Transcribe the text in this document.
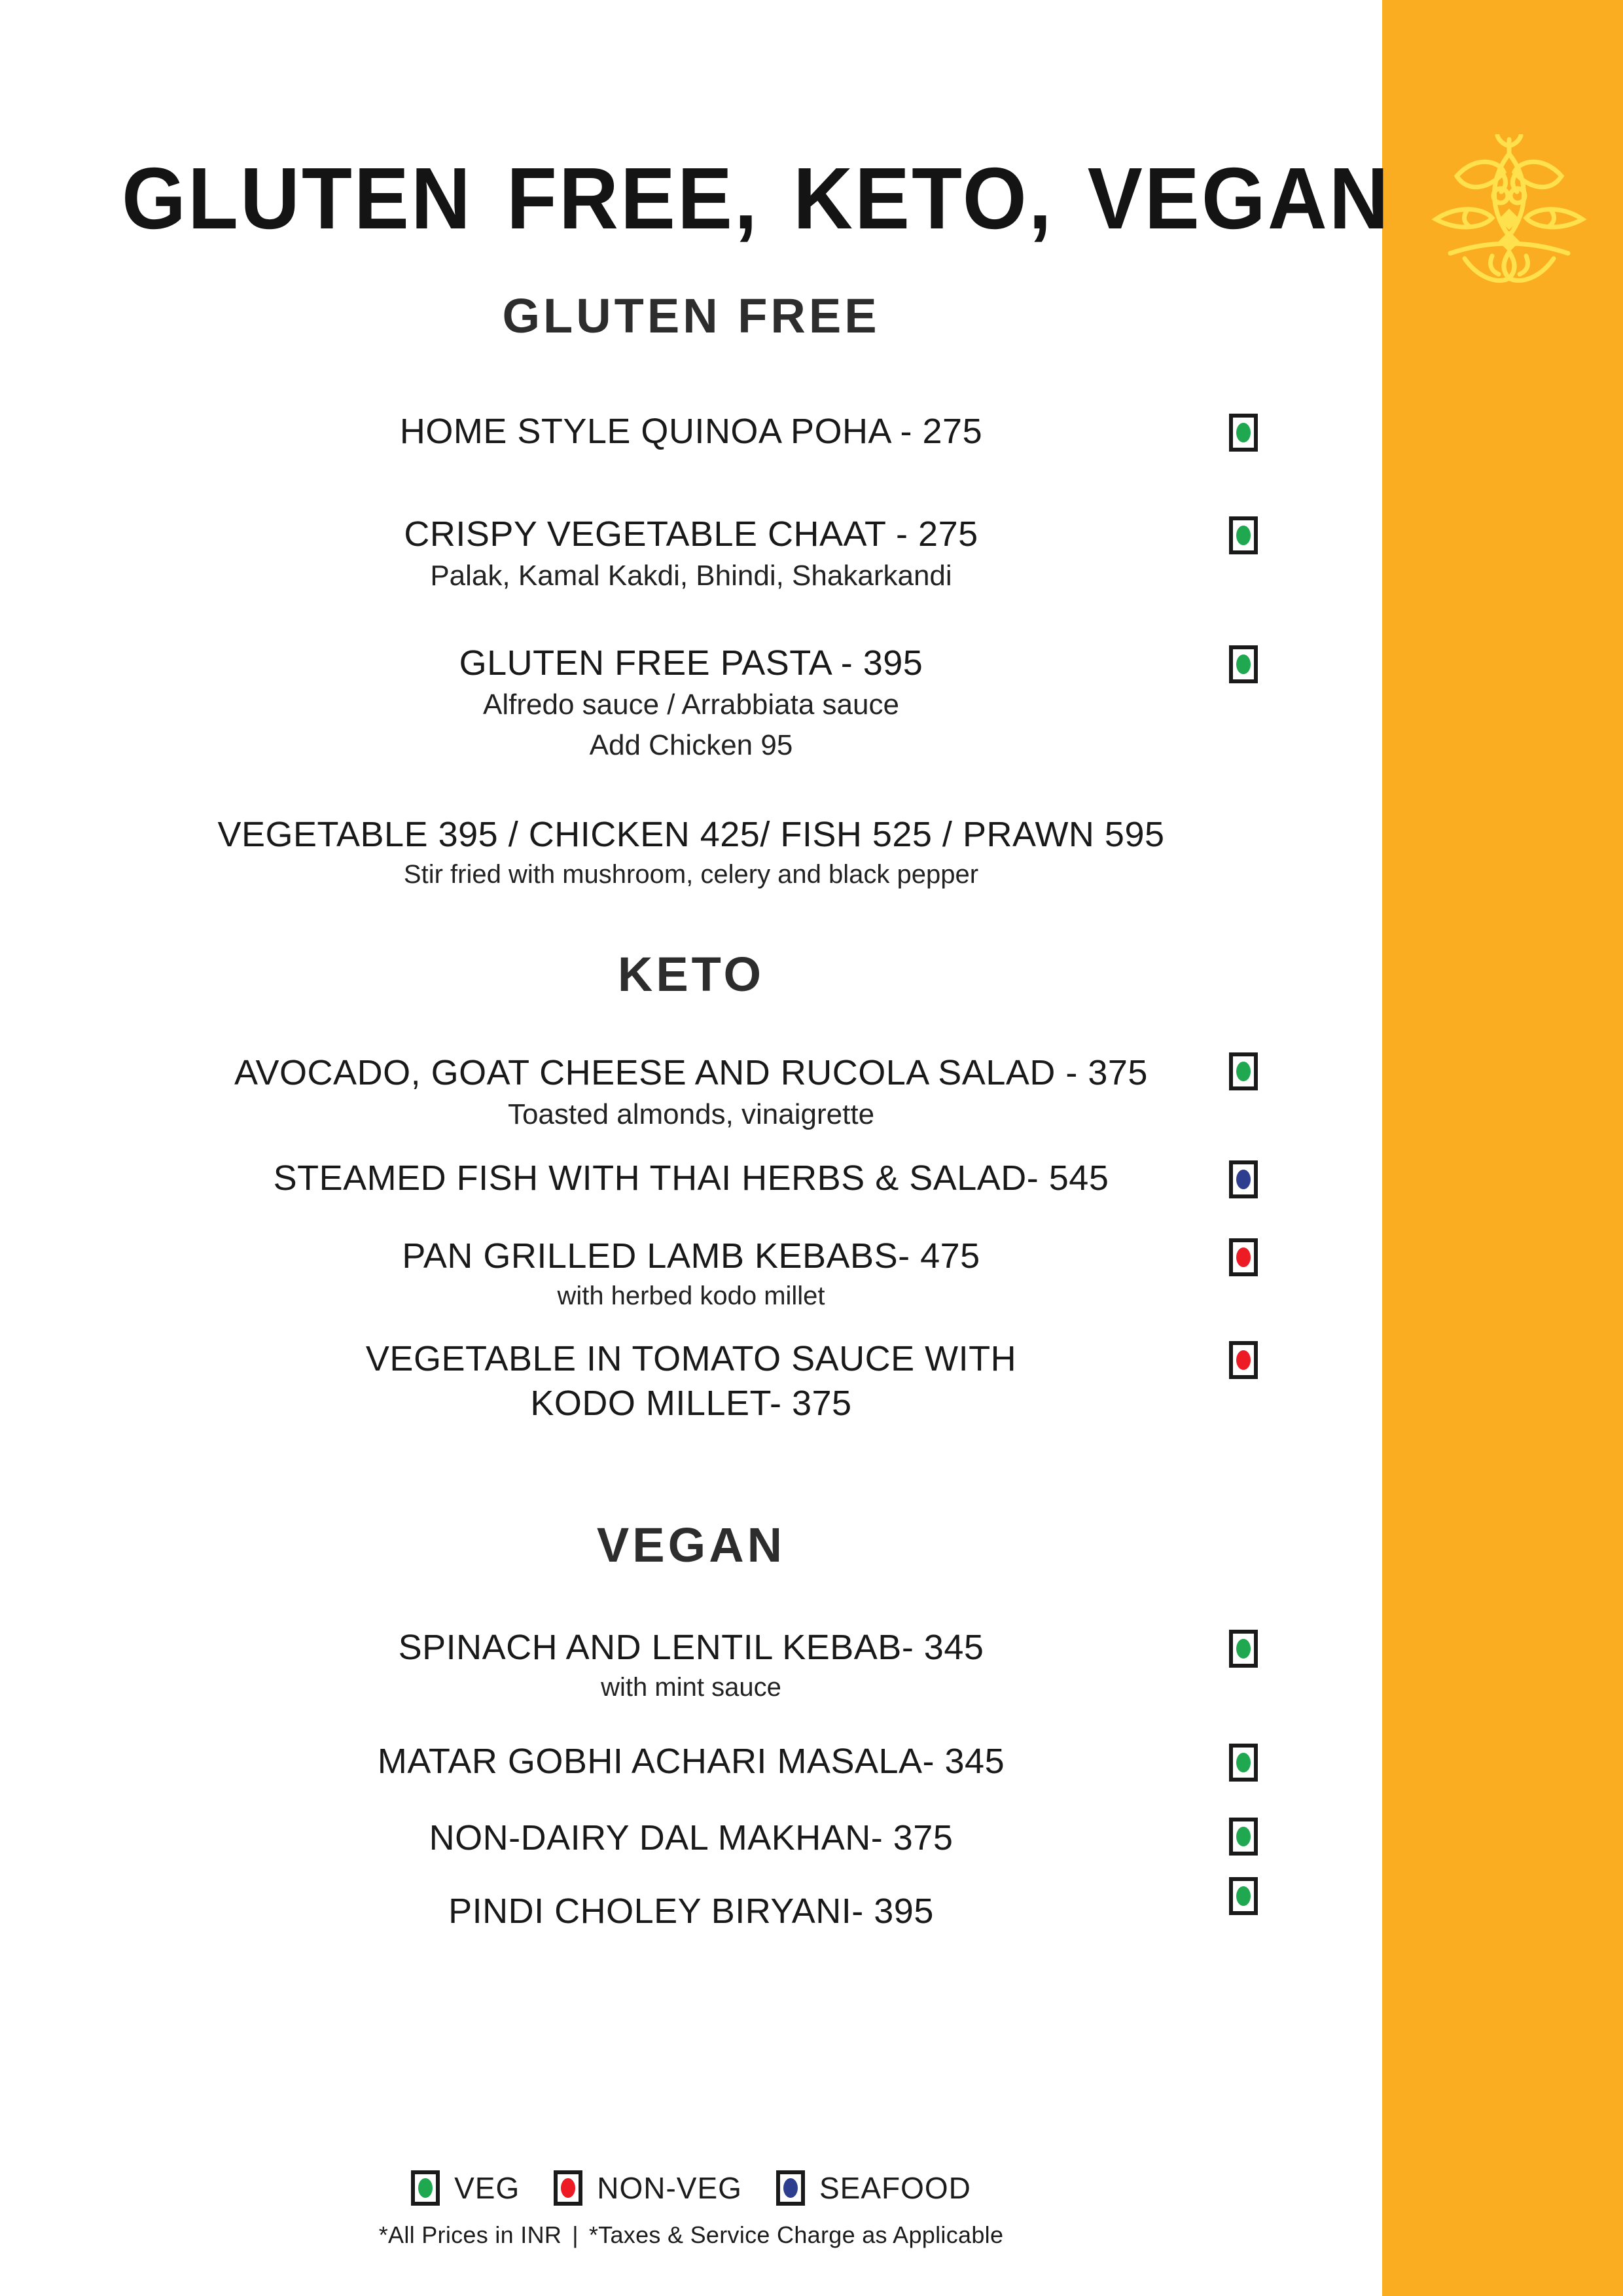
GLUTEN FREE, KETO, VEGAN
GLUTEN FREE
HOME STYLE QUINOA POHA - 275
CRISPY VEGETABLE CHAAT - 275
Palak, Kamal Kakdi, Bhindi, Shakarkandi
GLUTEN FREE PASTA - 395
Alfredo sauce / Arrabbiata sauce
Add Chicken 95
VEGETABLE 395 / CHICKEN 425/ FISH 525 / PRAWN 595
Stir fried with mushroom, celery and black pepper
KETO
AVOCADO, GOAT CHEESE AND RUCOLA SALAD - 375
Toasted almonds, vinaigrette
STEAMED FISH WITH THAI HERBS & SALAD- 545
PAN GRILLED LAMB KEBABS- 475
with herbed kodo millet
VEGETABLE IN TOMATO SAUCE WITH
KODO MILLET- 375
VEGAN
SPINACH AND LENTIL KEBAB- 345
with mint sauce
MATAR GOBHI ACHARI MASALA- 345
NON-DAIRY DAL MAKHAN- 375
PINDI CHOLEY BIRYANI- 395
VEG	NON-VEG	SEAFOOD
*All Prices in INR | *Taxes & Service Charge as Applicable
